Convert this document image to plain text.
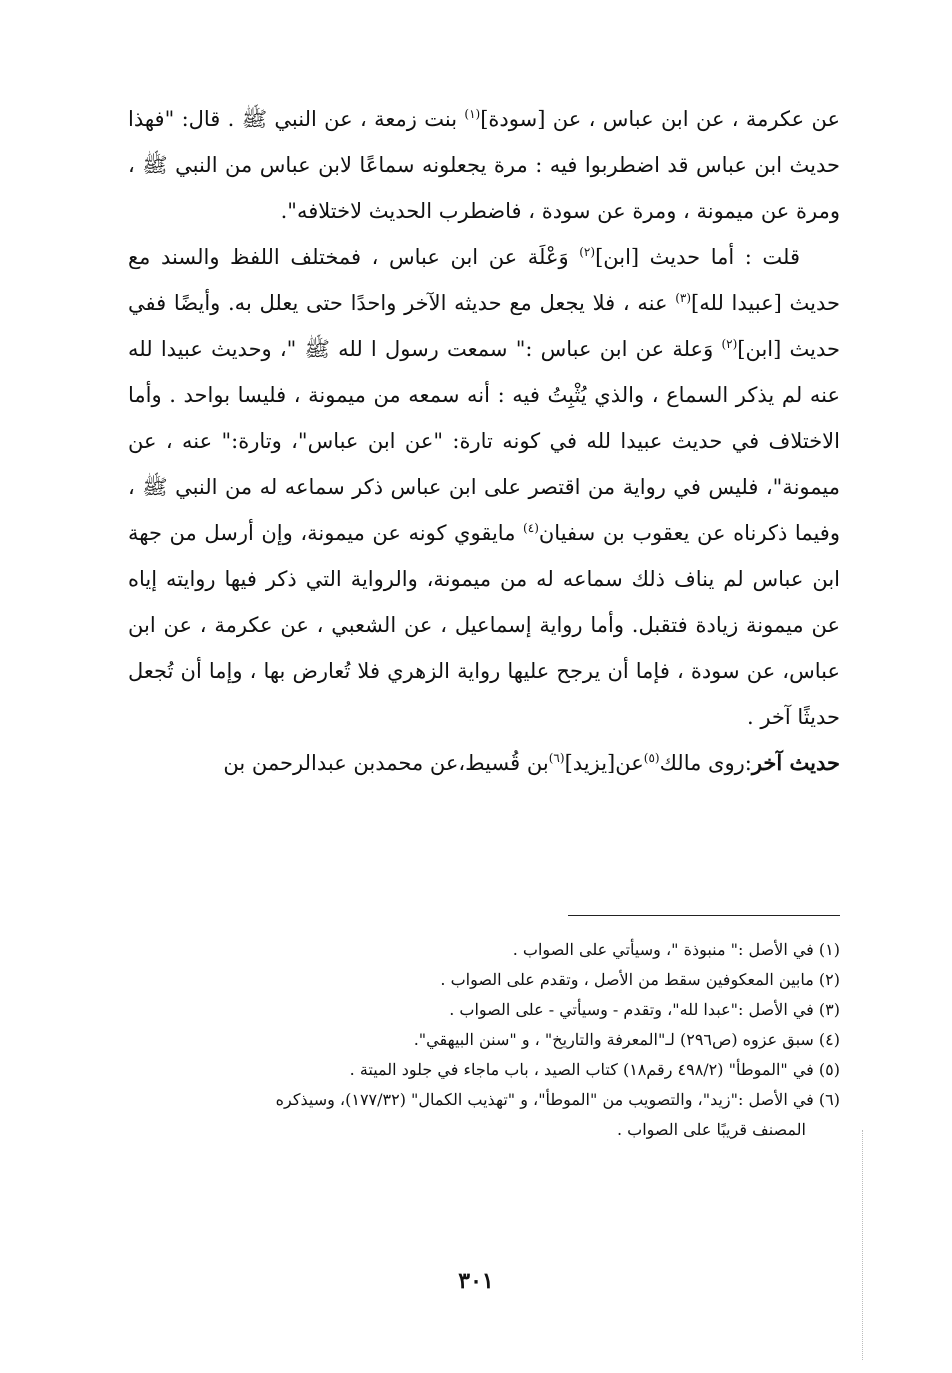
عن عكرمة ، عن ابن عباس ، عن [سودة]$^{(١)}$ بنت زمعة ، عن النبي ﷺ . قال: "فهذا حديث ابن عباس قد اضطربوا فيه : مرة يجعلونه سماعًا لابن عباس من النبي ﷺ ، ومرة عن ميمونة ، ومرة عن سودة ، فاضطرب الحديث لاختلافه".

قلت : أما حديث [ابن]$^{(٢)}$ وَعْلَة عن ابن عباس ، فمختلف اللفظ والسند مع حديث [عبيدا لله]$^{(٣)}$ عنه ، فلا يجعل مع حديثه الآخر واحدًا حتى يعلل به. وأيضًا ففي حديث [ابن]$^{(٢)}$ وَعلة عن ابن عباس :" سمعت رسول ا لله ﷺ "، وحديث عبيدا لله عنه لم يذكر السماع ، والذي يُثْبِتُ فيه : أنه سمعه من ميمونة ، فليسا بواحد . وأما الاختلاف في حديث عبيدا لله في كونه تارة: "عن ابن عباس"، وتارة:" عنه ، عن ميمونة"، فليس في رواية من اقتصر على ابن عباس ذكر سماعه له من النبي ﷺ ، وفيما ذكرناه عن يعقوب بن سفيان$^{(٤)}$ مايقوي كونه عن ميمونة، وإن أرسل من جهة ابن عباس لم يناف ذلك سماعه له من ميمونة، والرواية التي ذكر فيها روايته إياه عن ميمونة زيادة فتقبل. وأما رواية إسماعيل ، عن الشعبي ، عن عكرمة ، عن ابن عباس، عن سودة ، فإما أن يرجح عليها رواية الزهري فلا تُعارض بها ، وإما أن تُجعل حديثًا آخر .

حديث آخر:روى مالك$^{(٥)}$عن[يزيد]$^{(٦)}$بن قُسيط،عن محمدبن عبدالرحمن بن

(١) في الأصل :" منبوذة "، وسيأتي على الصواب .

(٢) مابين المعكوفين سقط من الأصل ، وتقدم على الصواب .

(٣) في الأصل :"عبدا لله"، وتقدم - وسيأتي - على الصواب .

(٤) سبق عزوه (ص٢٩٦) لـ"المعرفة والتاريخ" ، و "سنن البيهقي".

(٥) في "الموطأ" (٤٩٨/٢ رقم١٨) كتاب الصيد ، باب ماجاء في جلود الميتة .

(٦) في الأصل :"زيد"، والتصويب من "الموطأ"، و "تهذيب الكمال" (١٧٧/٣٢)، وسيذكره

المصنف قريبًا على الصواب .

٣٠١
